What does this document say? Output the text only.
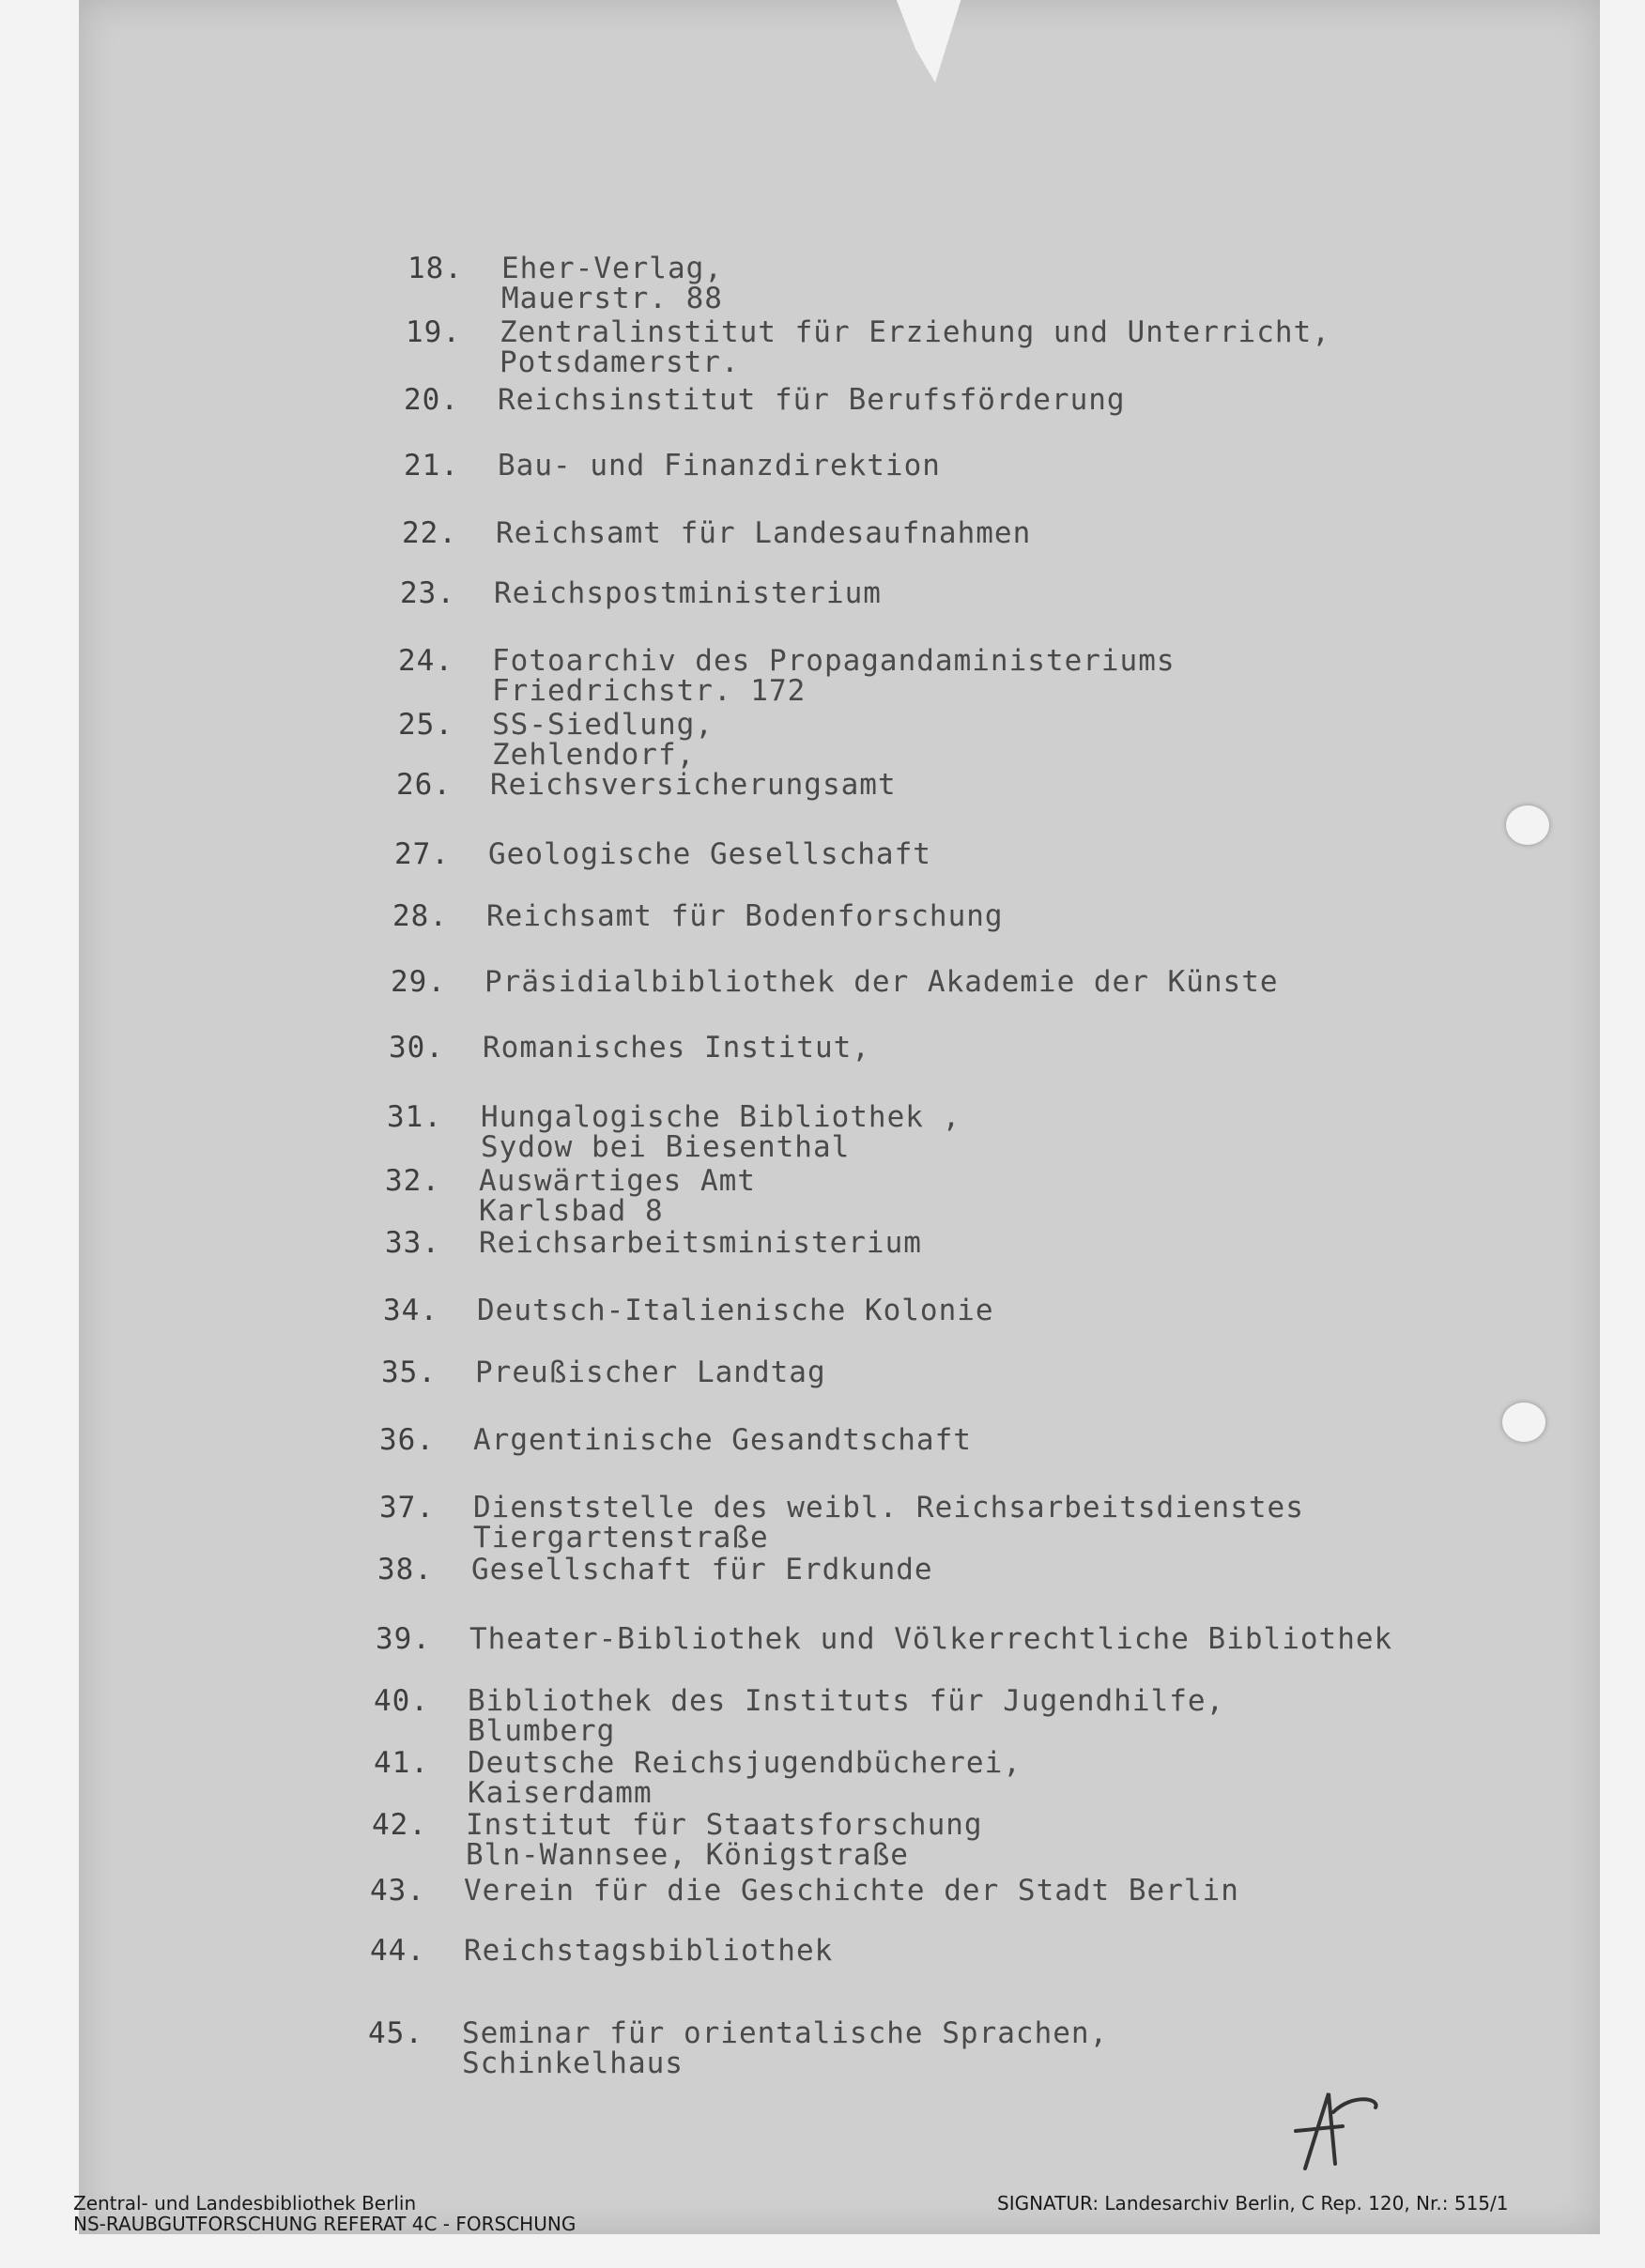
18. Eher-Verlag,
Mauerstr. 88
19. Zentralinstitut für Erziehung und Unterricht,
Potsdamerstr.
20. Reichsinstitut für Berufsförderung
21. Bau- und Finanzdirektion
22. Reichsamt für Landesaufnahmen
23. Reichspostministerium
24. Fotoarchiv des Propagandaministeriums
Friedrichstr. 172
25. SS-Siedlung,
Zehlendorf,
26. Reichsversicherungsamt
27. Geologische Gesellschaft
28. Reichsamt für Bodenforschung
29. Präsidialbibliothek der Akademie der Künste
30. Romanisches Institut,
31. Hungalogische Bibliothek ,
Sydow bei Biesenthal
32. Auswärtiges Amt
Karlsbad 8
33. Reichsarbeitsministerium
34. Deutsch-Italienische Kolonie
35. Preußischer Landtag
36. Argentinische Gesandtschaft
37. Dienststelle des weibl. Reichsarbeitsdienstes
Tiergartenstraße
38. Gesellschaft für Erdkunde
39. Theater-Bibliothek und Völkerrechtliche Bibliothek
40. Bibliothek des Instituts für Jugendhilfe,
Blumberg
41. Deutsche Reichsjugendbücherei,
Kaiserdamm
42. Institut für Staatsforschung
Bln-Wannsee, Königstraße
43. Verein für die Geschichte der Stadt Berlin
44. Reichstagsbibliothek
45. Seminar für orientalische Sprachen,
Schinkelhaus
Zentral- und Landesbibliothek Berlin
NS-RAUBGUTFORSCHUNG REFERAT 4C - FORSCHUNG
SIGNATUR: Landesarchiv Berlin, C Rep. 120, Nr.: 515/1
